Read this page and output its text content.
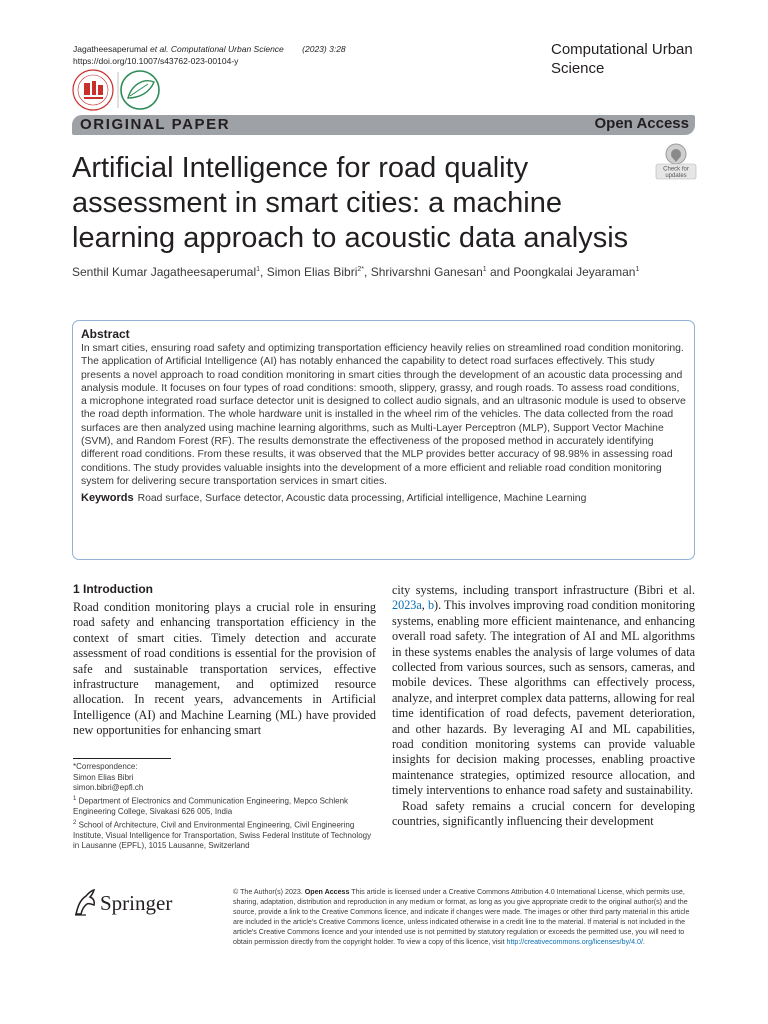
Jagatheesaperumal et al. Computational Urban Science (2023) 3:28
https://doi.org/10.1007/s43762-023-00104-y
Computational Urban
Science
ORIGINAL PAPER	Open Access
Artificial Intelligence for road quality assessment in smart cities: a machine learning approach to acoustic data analysis
Check for
updates
Senthil Kumar Jagatheesaperumal$^1$, Simon Elias Bibri$^{2*}$, Shrivarshni Ganesan$^1$ and Poongkalai Jeyaraman$^1$
Abstract

In smart cities, ensuring road safety and optimizing transportation efficiency heavily relies on streamlined road condition monitoring. The application of Artificial Intelligence (AI) has notably enhanced the capability to detect road surfaces effectively. This study presents a novel approach to road condition monitoring in smart cities through the development of an acoustic data processing and analysis module. It focuses on four types of road conditions: smooth, slippery, grassy, and rough roads. To assess road conditions, a microphone integrated road surface detector unit is designed to collect audio signals, and an ultrasonic module is used to observe the road depth information. The whole hardware unit is installed in the wheel rim of the vehicles. The data collected from the road surfaces are then analyzed using machine learning algorithms, such as Multi-Layer Perceptron (MLP), Support Vector Machine (SVM), and Random Forest (RF). The results demonstrate the effectiveness of the proposed method in accurately identifying different road conditions. From these results, it was observed that the MLP provides better accuracy of 98.98% in assessing road conditions. The study provides valuable insights into the development of a more efficient and reliable road condition monitoring system for delivering secure transportation services in smart cities.

Keywords Road surface, Surface detector, Acoustic data processing, Artificial intelligence, Machine Learning
1 Introduction

Road condition monitoring plays a crucial role in ensuring road safety and enhancing transportation efficiency in the context of smart cities. Timely detection and accurate assessment of road conditions is essential for the provision of safe and sustainable transportation services, effective infrastructure management, and optimized resource allocation. In recent years, advancements in Artificial Intelligence (AI) and Machine Learning (ML) have provided new opportunities for enhancing smart

city systems, including transport infrastructure (Bibri et al. 2023a, b). This involves improving road condition monitoring systems, enabling more efficient maintenance, and enhancing overall road safety. The integration of AI and ML algorithms in these systems enables the analysis of large volumes of data collected from various sources, such as sensors, cameras, and mobile devices. These algorithms can effectively process, analyze, and interpret complex data patterns, allowing for real time identification of road defects, pavement deterioration, and other hazards. By leveraging AI and ML capabilities, road condition monitoring systems can provide valuable insights for decision making processes, enabling proactive maintenance strategies, optimized resource allocation, and timely interventions to enhance road safety and sustainability.

Road safety remains a crucial concern for developing countries, significantly influencing their development

*Correspondence:
Simon Elias Bibri
simon.bibri@epfl.ch
$^1$ Department of Electronics and Communication Engineering, Mepco Schlenk Engineering College, Sivakasi 626 005, India
$^2$ School of Architecture, Civil and Environmental Engineering, Civil Engineering Institute, Visual Intelligence for Transportation, Swiss Federal Institute of Technology in Lausanne (EPFL), 1015 Lausanne, Switzerland
Springer	© The Author(s) 2023. Open Access This article is licensed under a Creative Commons Attribution 4.0 International License, which permits use, sharing, adaptation, distribution and reproduction in any medium or format, as long as you give appropriate credit to the original author(s) and the source, provide a link to the Creative Commons licence, and indicate if changes were made. The images or other third party material in this article are included in the article's Creative Commons licence, unless indicated otherwise in a credit line to the material. If material is not included in the article's Creative Commons licence and your intended use is not permitted by statutory regulation or exceeds the permitted use, you will need to obtain permission directly from the copyright holder. To view a copy of this licence, visit http://creativecommons.org/licenses/by/4.0/.
